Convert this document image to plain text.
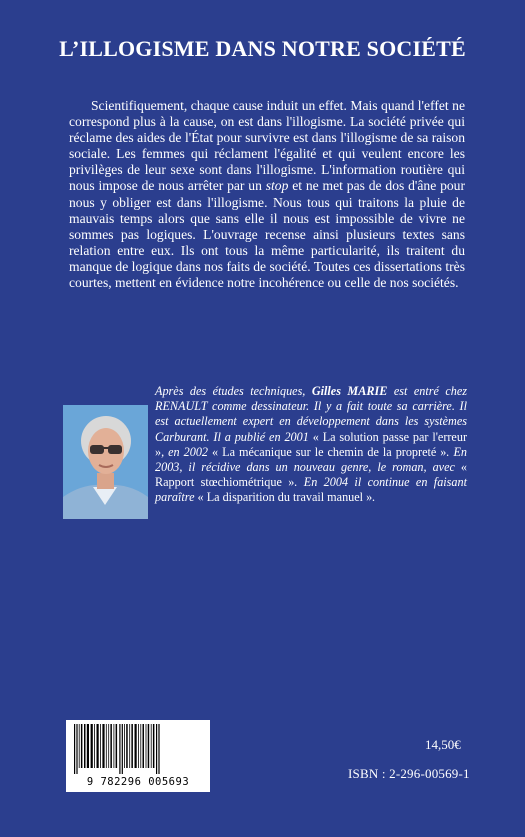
L’ILLOGISME DANS NOTRE SOCIÉTÉ

Scientifiquement, chaque cause induit un effet. Mais quand l'effet ne correspond plus à la cause, on est dans l'illogisme. La société privée qui réclame des aides de l'État pour survivre est dans l'illogisme de sa raison sociale. Les femmes qui réclament l'égalité et qui veulent encore les privilèges de leur sexe sont dans l'illogisme. L'information routière qui nous impose de nous arrêter par un stop et ne met pas de dos d'âne pour nous y obliger est dans l'illogisme. Nous tous qui traitons la pluie de mauvais temps alors que sans elle il nous est impossible de vivre ne sommes pas logiques. L'ouvrage recense ainsi plusieurs textes sans relation entre eux. Ils ont tous la même particularité, ils traitent du manque de logique dans nos faits de société. Toutes ces dissertations très courtes, mettent en évidence notre incohérence ou celle de nos sociétés.

Après des études techniques, Gilles MARIE est entré chez RENAULT comme dessinateur. Il y a fait toute sa carrière. Il est actuellement expert en développement dans les systèmes Carburant. Il a publié en 2001 « La solution passe par l'erreur », en 2002 « La mécanique sur le chemin de la propreté ». En 2003, il récidive dans un nouveau genre, le roman, avec « Rapport stœchiométrique ». En 2004 il continue en faisant paraître « La disparition du travail manuel ».

9 782296 005693
14,50€
ISBN : 2-296-00569-1
